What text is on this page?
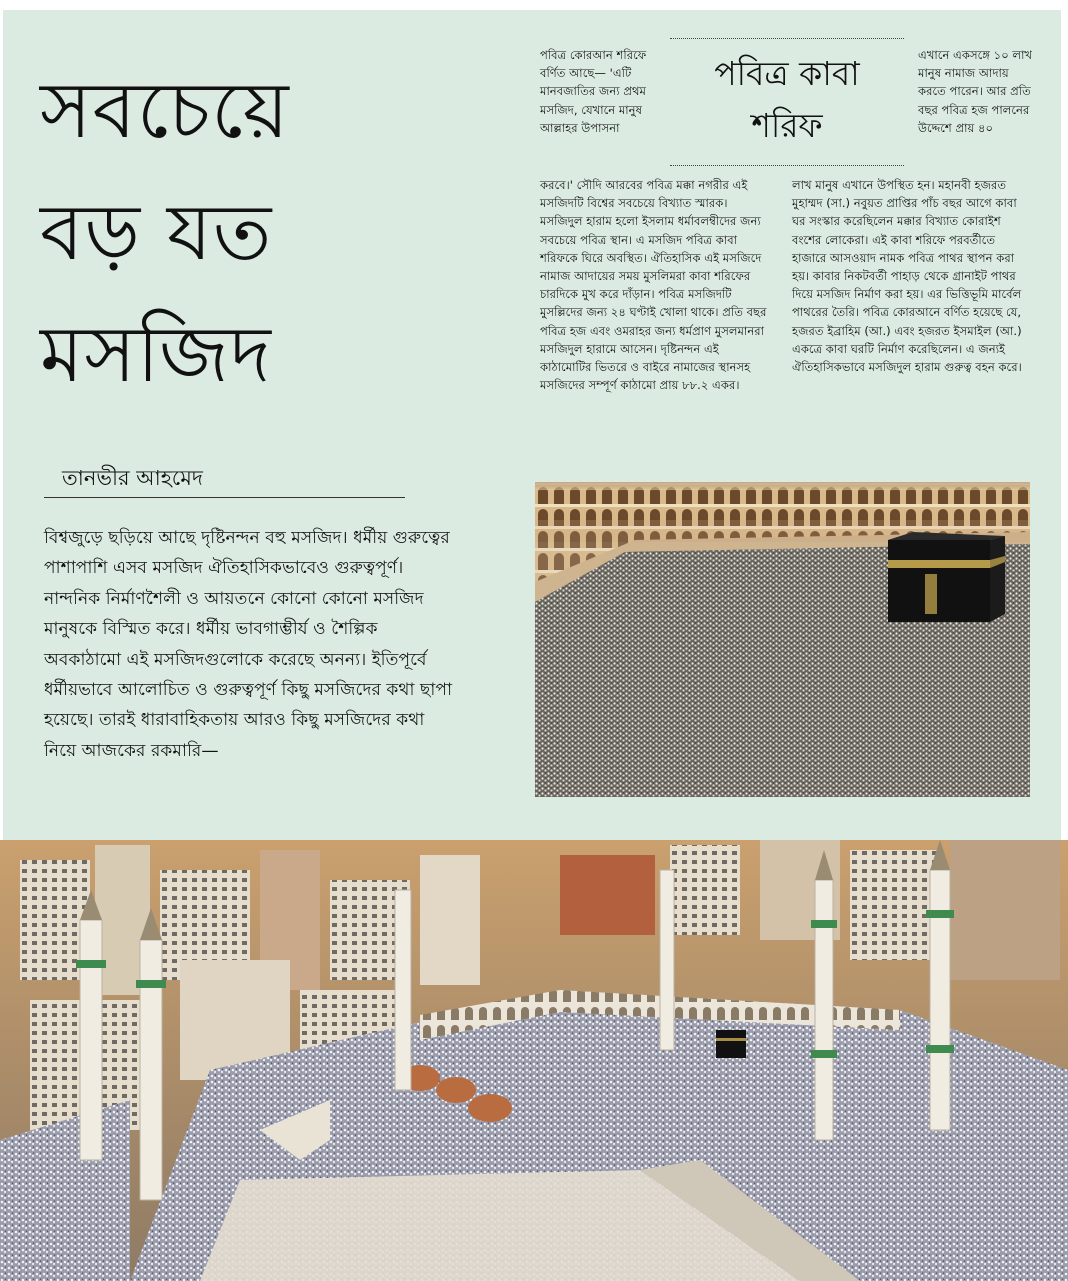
সবচেয়ে
বড় যত
মসজিদ
তানভীর আহমেদ

বিশ্বজুড়ে ছড়িয়ে আছে দৃষ্টিনন্দন বহু মসজিদ। ধর্মীয় গুরুত্বের পাশাপাশি এসব মসজিদ ঐতিহাসিকভাবেও গুরুত্বপূর্ণ। নান্দনিক নির্মাণশৈলী ও আয়তনে কোনো কোনো মসজিদ মানুষকে বিস্মিত করে। ধর্মীয় ভাবগাম্ভীর্য ও শৈল্পিক অবকাঠামো এই মসজিদগুলোকে করেছে অনন্য। ইতিপূর্বে ধর্মীয়ভাবে আলোচিত ও গুরুত্বপূর্ণ কিছু মসজিদের কথা ছাপা হয়েছে। তারই ধারাবাহিকতায় আরও কিছু মসজিদের কথা নিয়ে আজকের রকমারি—

পবিত্র কাবা
শরিফ

পবিত্র কোরআন শরিফে বর্ণিত আছে— 'এটি মানবজাতির জন্য প্রথম মসজিদ, যেখানে মানুষ আল্লাহর উপাসনা

করবে।' সৌদি আরবের পবিত্র মক্কা নগরীর এই মসজিদটি বিশ্বের সবচেয়ে বিখ্যাত স্মারক। মসজিদুল হারাম হলো ইসলাম ধর্মাবলম্বীদের জন্য সবচেয়ে পবিত্র স্থান। এ মসজিদ পবিত্র কাবা শরিফকে ঘিরে অবস্থিত। ঐতিহাসিক এই মসজিদে নামাজ আদায়ের সময় মুসলিমরা কাবা শরিফের চারদিকে মুখ করে দাঁড়ান। পবিত্র মসজিদটি মুসল্লিদের জন্য ২৪ ঘণ্টাই খোলা থাকে। প্রতি বছর পবিত্র হজ এবং ওমরাহর জন্য ধর্মপ্রাণ মুসলমানরা মসজিদুল হারামে আসেন। দৃষ্টিনন্দন এই কাঠামোটির ভিতরে ও বাইরে নামাজের স্থানসহ মসজিদের সম্পূর্ণ কাঠামো প্রায় ৮৮.২ একর।

এখানে একসঙ্গে ১০ লাখ মানুষ নামাজ আদায় করতে পারেন। আর প্রতি বছর পবিত্র হজ পালনের উদ্দেশে প্রায় ৪০

লাখ মানুষ এখানে উপস্থিত হন। মহানবী হজরত মুহাম্মদ (সা.) নবুয়ত প্রাপ্তির পাঁচ বছর আগে কাবা ঘর সংস্কার করেছিলেন মক্কার বিখ্যাত কোরাইশ বংশের লোকেরা। এই কাবা শরিফে পরবর্তীতে হাজারে আসওয়াদ নামক পবিত্র পাথর স্থাপন করা হয়। কাবার নিকটবর্তী পাহাড় থেকে গ্রানাইট পাথর দিয়ে মসজিদ নির্মাণ করা হয়। এর ভিত্তিভূমি মার্বেল পাথরের তৈরি। পবিত্র কোরআনে বর্ণিত হয়েছে যে, হজরত ইব্রাহিম (আ.) এবং হজরত ইসমাইল (আ.) একত্রে কাবা ঘরটি নির্মাণ করেছিলেন। এ জন্যই ঐতিহাসিকভাবে মসজিদুল হারাম গুরুত্ব বহন করে।
